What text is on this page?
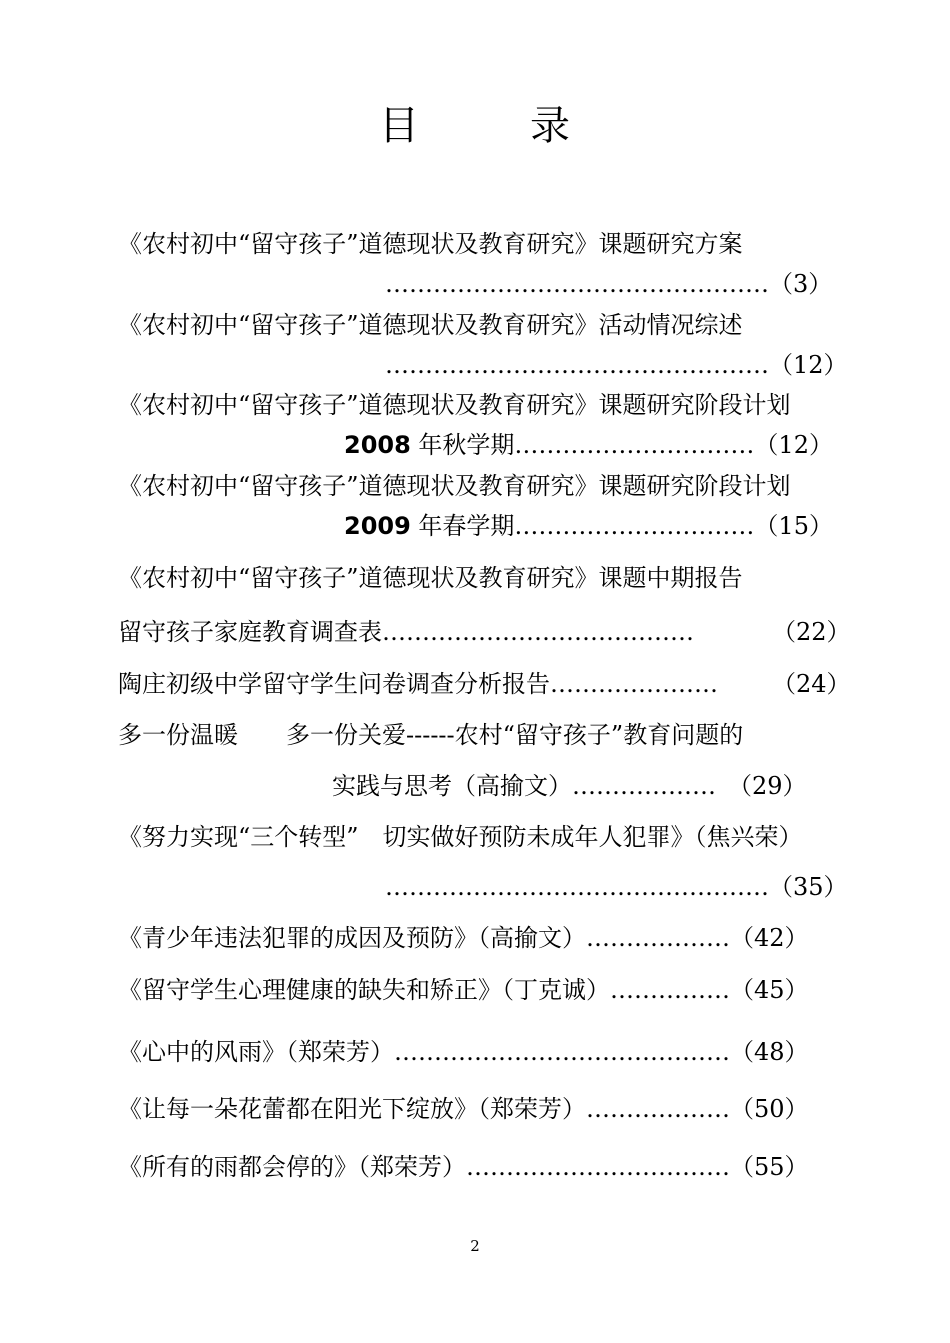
目	录
《农村初中“留守孩子”道德现状及教育研究》课题研究方案
…………………………………………（3）
《农村初中“留守孩子”道德现状及教育研究》活动情况综述
…………………………………………（12）
《农村初中“留守孩子”道德现状及教育研究》课题研究阶段计划
2008 年秋学期…………………………（12）
《农村初中“留守孩子”道德现状及教育研究》课题研究阶段计划
2009 年春学期…………………………（15）
《农村初中“留守孩子”道德现状及教育研究》课题中期报告
留守孩子家庭教育调查表…………………………………	（22）
陶庄初级中学留守学生问卷调查分析报告………………… （24）
多一份温暖　　多一份关爱------农村“留守孩子”教育问题的
实践与思考（高揄文）………………　（29）
《努力实现“三个转型”　切实做好预防未成年人犯罪》（焦兴荣）
…………………………………………（35）
《青少年违法犯罪的成因及预防》（高揄文）………………（42）
《留守学生心理健康的缺失和矫正》（丁克诚）……………（45）
《心中的风雨》（郑荣芳）……………………………………（48）
《让每一朵花蕾都在阳光下绽放》（郑荣芳）………………（50）
《所有的雨都会停的》（郑荣芳）……………………………（55）
2
